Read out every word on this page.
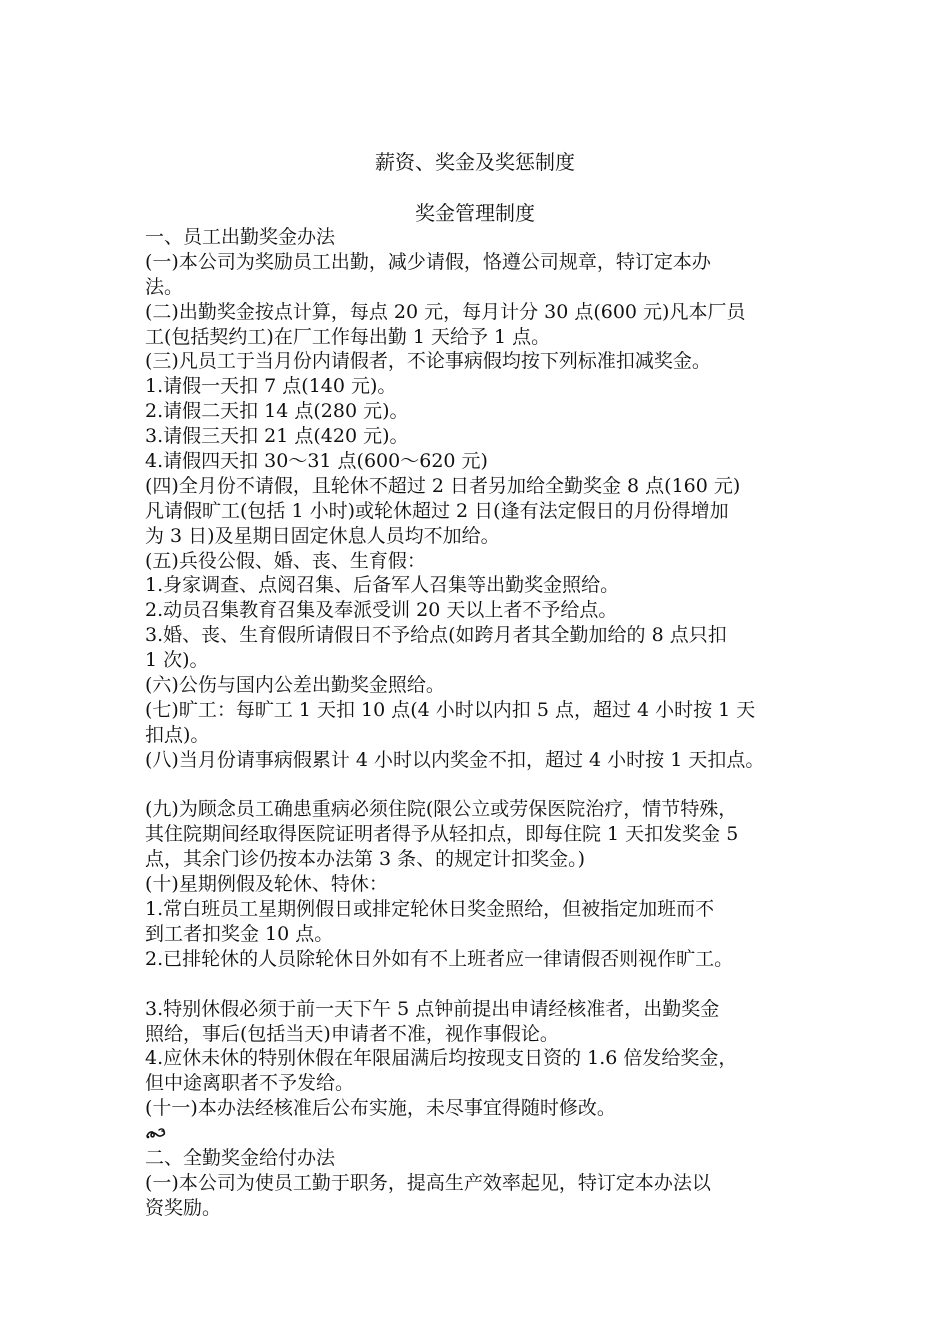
薪资、奖金及奖惩制度
奖金管理制度
一、员工出勤奖金办法
(一)本公司为奖励员工出勤，减少请假，恪遵公司规章，特订定本办
法。
(二)出勤奖金按点计算，每点 20 元，每月计分 30 点(600 元)凡本厂员
工(包括契约工)在厂工作每出勤 1 天给予 1 点。
(三)凡员工于当月份内请假者，不论事病假均按下列标准扣减奖金。
1.请假一天扣 7 点(140 元)。
2.请假二天扣 14 点(280 元)。
3.请假三天扣 21 点(420 元)。
4.请假四天扣 30～31 点(600～620 元)
(四)全月份不请假，且轮休不超过 2 日者另加给全勤奖金 8 点(160 元)
凡请假旷工(包括 1 小时)或轮休超过 2 日(逢有法定假日的月份得增加
为 3 日)及星期日固定休息人员均不加给。
(五)兵役公假、婚、丧、生育假：
1.身家调查、点阅召集、后备军人召集等出勤奖金照给。
2.动员召集教育召集及奉派受训 20 天以上者不予给点。
3.婚、丧、生育假所请假日不予给点(如跨月者其全勤加给的 8 点只扣
1 次)。
(六)公伤与国内公差出勤奖金照给。
(七)旷工：每旷工 1 天扣 10 点(4 小时以内扣 5 点，超过 4 小时按 1 天
扣点)。
(八)当月份请事病假累计 4 小时以内奖金不扣，超过 4 小时按 1 天扣点。
(九)为顾念员工确患重病必须住院(限公立或劳保医院治疗，情节特殊，
其住院期间经取得医院证明者得予从轻扣点，即每住院 1 天扣发奖金 5
点，其余门诊仍按本办法第 3 条、的规定计扣奖金。)
(十)星期例假及轮休、特休：
1.常白班员工星期例假日或排定轮休日奖金照给，但被指定加班而不
到工者扣奖金 10 点。
2.已排轮休的人员除轮休日外如有不上班者应一律请假否则视作旷工。
3.特别休假必须于前一天下午 5 点钟前提出申请经核准者，出勤奖金
照给，事后(包括当天)申请者不准，视作事假论。
4.应休未休的特别休假在年限届满后均按现支日资的 1.6 倍发给奖金，
但中途离职者不予发给。
(十一)本办法经核准后公布实施，未尽事宜得随时修改。
二、全勤奖金给付办法
(一)本公司为使员工勤于职务，提高生产效率起见，特订定本办法以
资奖励。
